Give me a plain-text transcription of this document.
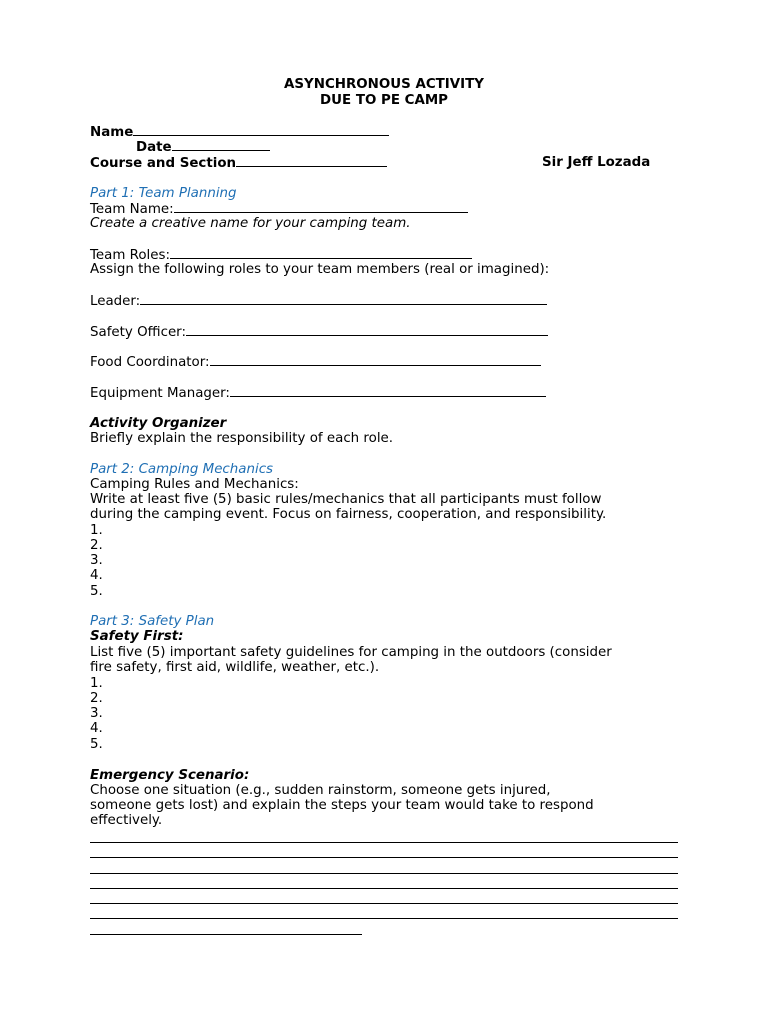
ASYNCHRONOUS ACTIVITY
DUE TO PE CAMP
Name
Date
Course and Section	Sir Jeff Lozada
Part 1: Team Planning
Team Name:
Create a creative name for your camping team.
Team Roles:
Assign the following roles to your team members (real or imagined):
Leader:
Safety Officer:
Food Coordinator:
Equipment Manager:
Activity Organizer
Briefly explain the responsibility of each role.
Part 2: Camping Mechanics
Camping Rules and Mechanics:
Write at least five (5) basic rules/mechanics that all participants must follow
during the camping event. Focus on fairness, cooperation, and responsibility.
1.
2.
3.
4.
5.
Part 3: Safety Plan
Safety First:
List five (5) important safety guidelines for camping in the outdoors (consider
fire safety, first aid, wildlife, weather, etc.).
1.
2.
3.
4.
5.
Emergency Scenario:
Choose one situation (e.g., sudden rainstorm, someone gets injured,
someone gets lost) and explain the steps your team would take to respond
effectively.
